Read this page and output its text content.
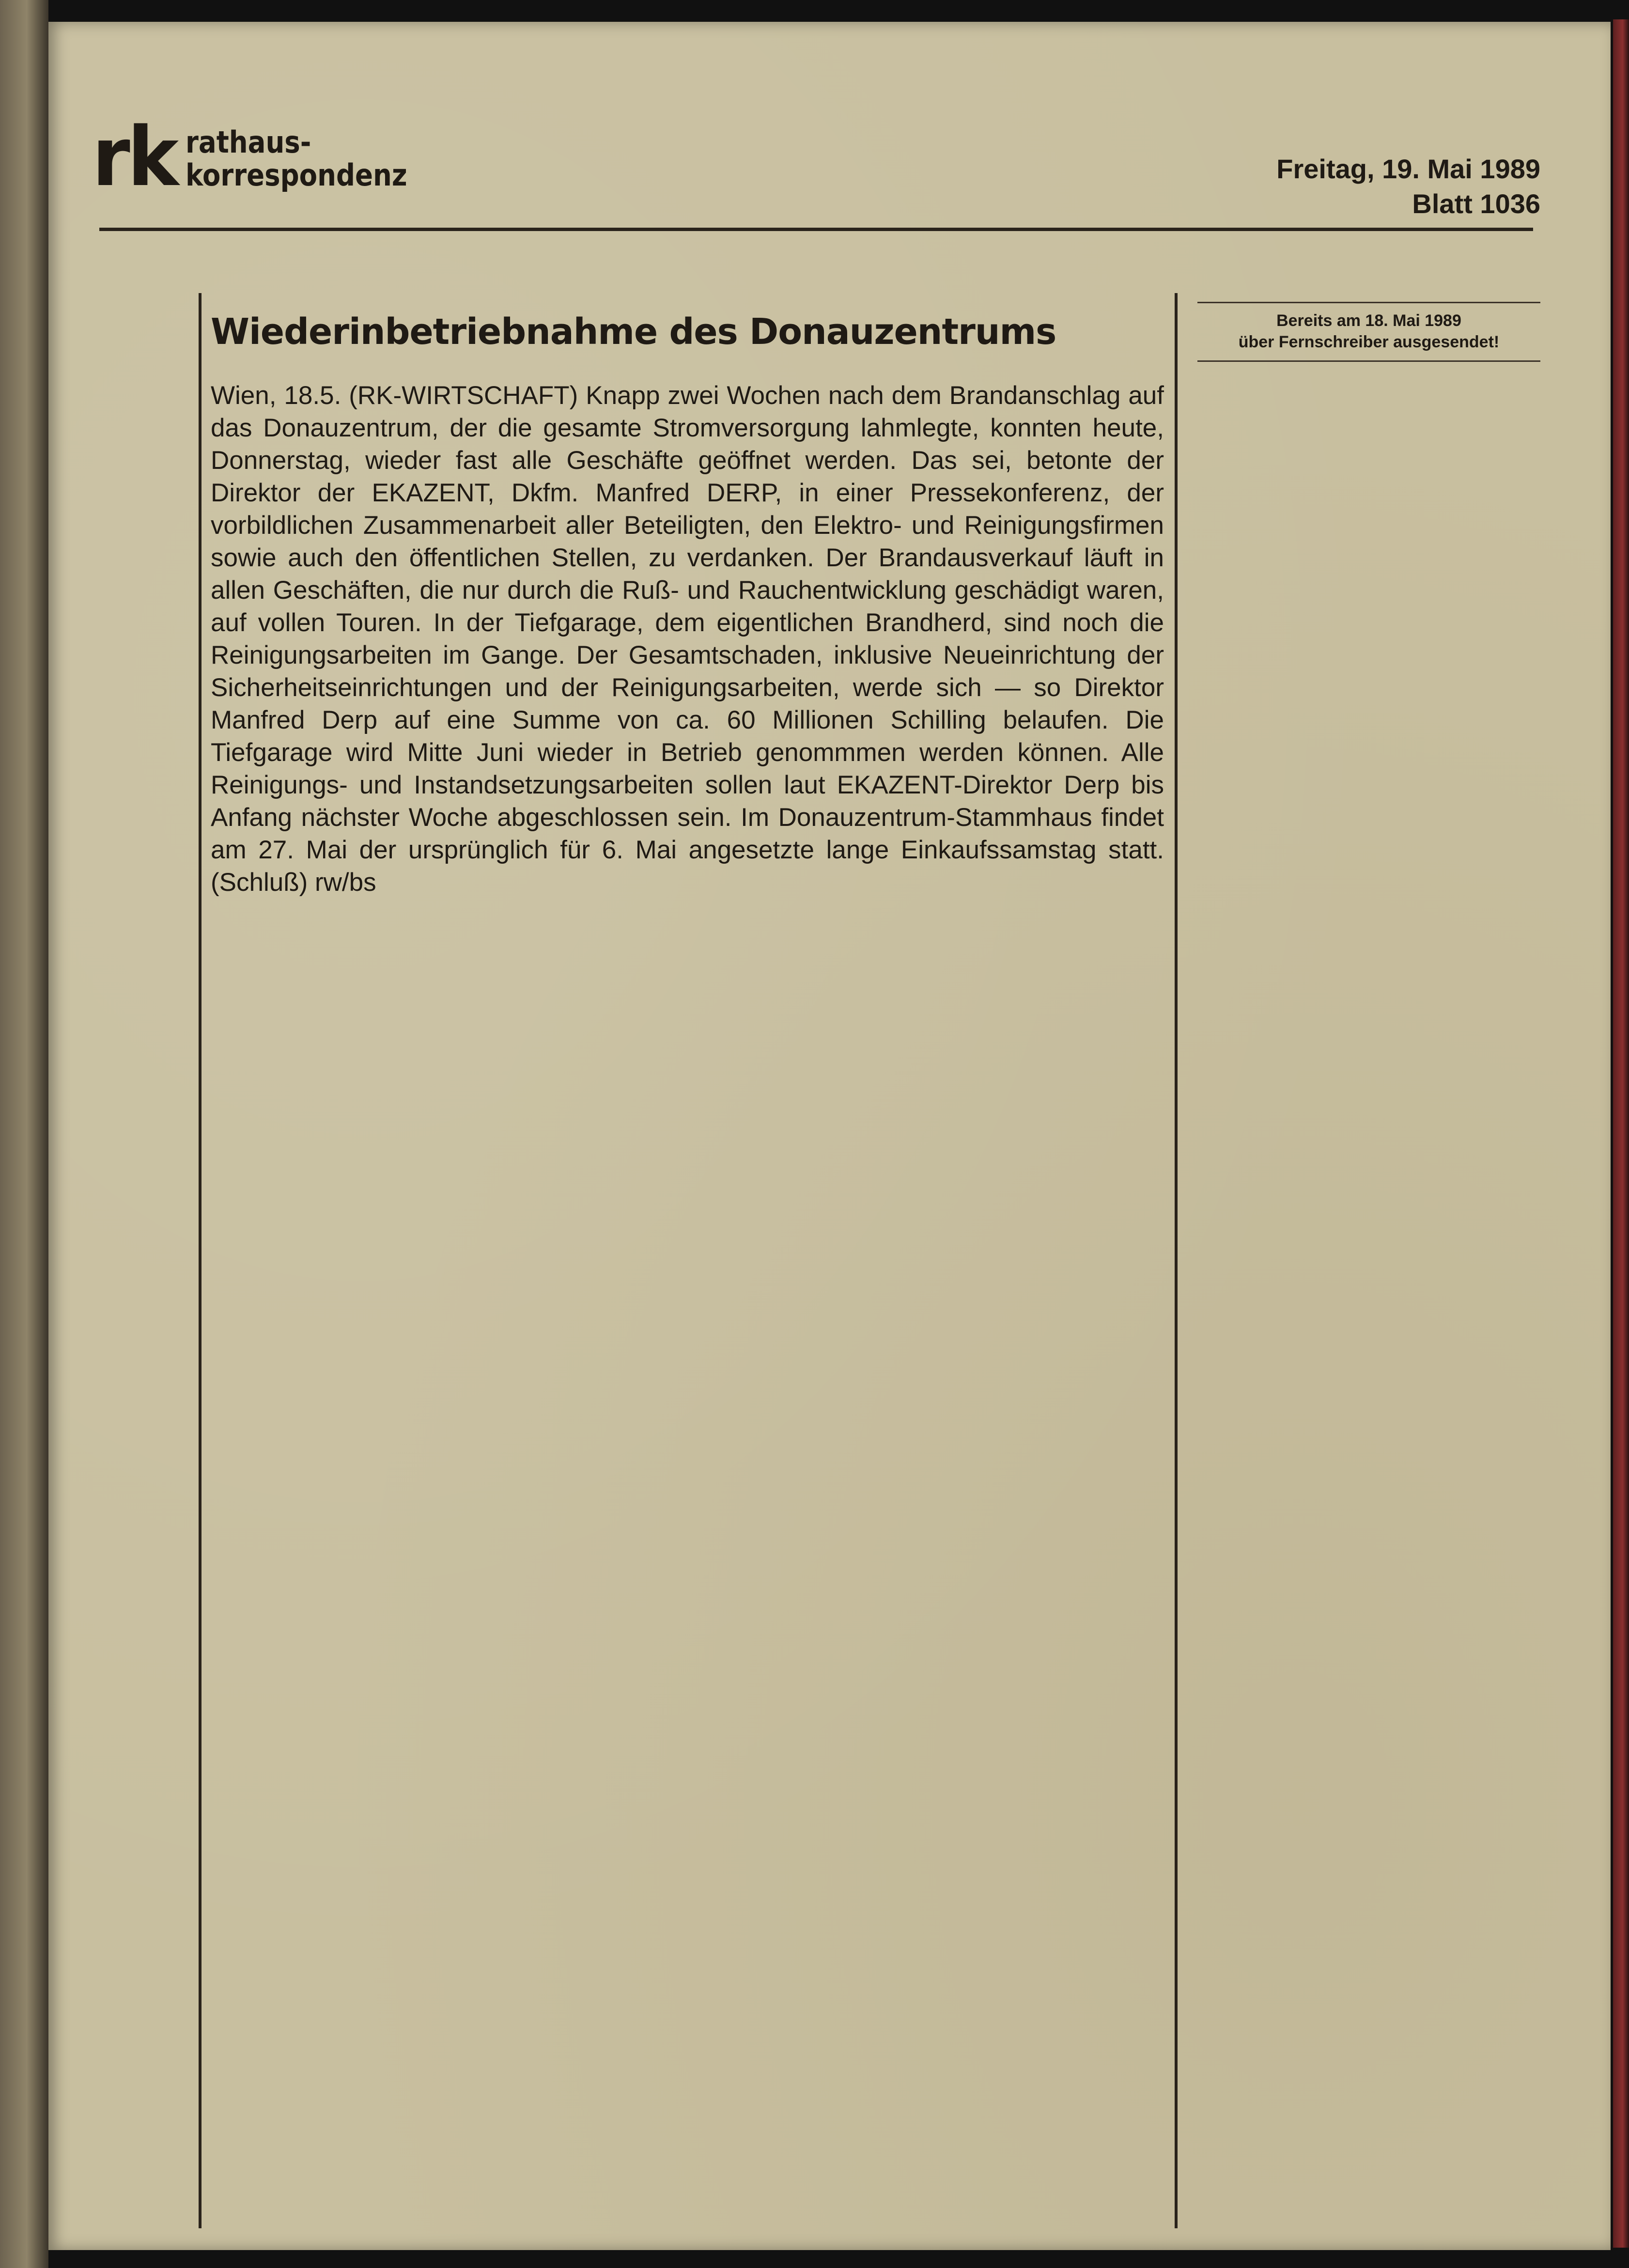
rk rathaus-
korrespondenz	Freitag, 19. Mai 1989
Blatt 1036
Wiederinbetriebnahme des Donauzentrums
Wien, 18.5. (RK-WIRTSCHAFT) Knapp zwei Wochen nach dem Brandanschlag auf das Donauzentrum, der die gesamte Stromversorgung lahmlegte, konnten heute, Donnerstag, wieder fast alle Geschäfte geöffnet werden. Das sei, betonte der Direktor der EKAZENT, Dkfm. Manfred DERP, in einer Pressekonferenz, der vorbildlichen Zusammenarbeit aller Beteiligten, den Elektro- und Reinigungsfirmen sowie auch den öffentlichen Stellen, zu verdanken. Der Brandausverkauf läuft in allen Geschäften, die nur durch die Ruß- und Rauchentwicklung geschädigt waren, auf vollen Touren. In der Tiefgarage, dem eigentlichen Brandherd, sind noch die Reinigungsarbeiten im Gange. Der Gesamtschaden, inklusive Neueinrichtung der Sicherheitseinrichtungen und der Reinigungsarbeiten, werde sich — so Direktor Manfred Derp auf eine Summe von ca. 60 Millionen Schilling belaufen. Die Tiefgarage wird Mitte Juni wieder in Betrieb genommmen werden können. Alle Reinigungs- und Instandsetzungsarbeiten sollen laut EKAZENT-Direktor Derp bis Anfang nächster Woche abgeschlossen sein. Im Donauzentrum-Stammhaus findet am 27. Mai der ursprünglich für 6. Mai angesetzte lange Einkaufssamstag statt. (Schluß) rw/bs
Bereits am 18. Mai 1989
über Fernschreiber ausgesendet!
